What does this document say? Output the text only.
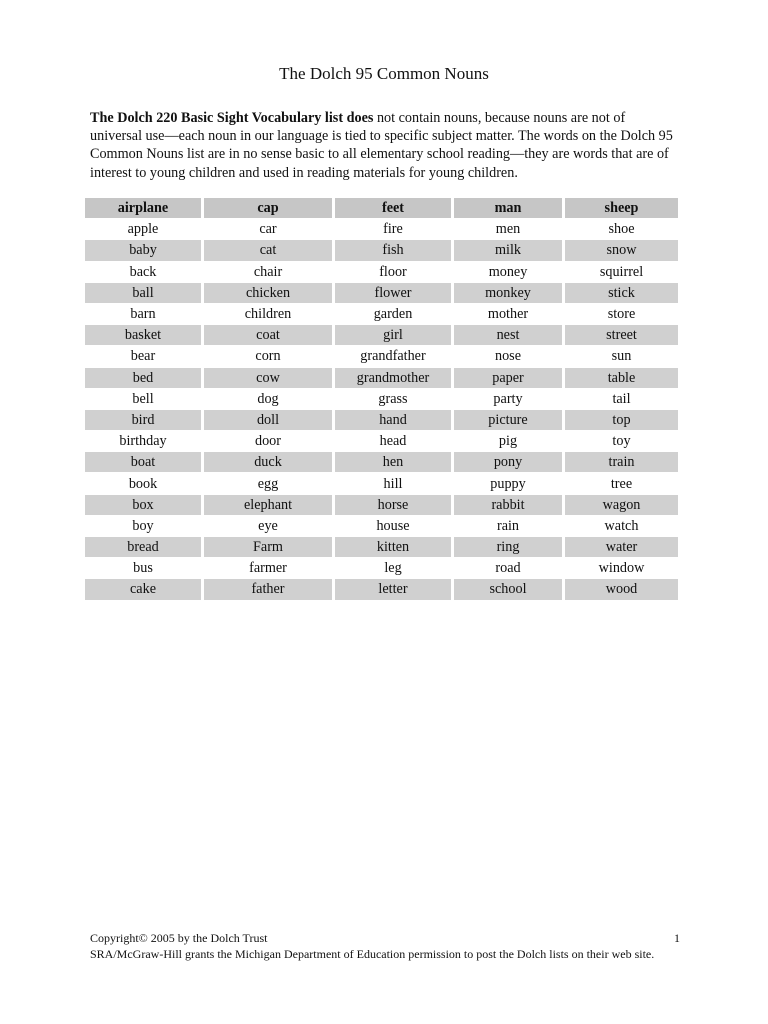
The Dolch 95 Common Nouns
The Dolch 220 Basic Sight Vocabulary list does not contain nouns, because nouns are not of universal use—each noun in our language is tied to specific subject matter. The words on the Dolch 95 Common Nouns list are in no sense basic to all elementary school reading—they are words that are of interest to young children and used in reading materials for young children.
airplane	cap	feet	man	sheep
apple	car	fire	men	shoe
baby	cat	fish	milk	snow
back	chair	floor	money	squirrel
ball	chicken	flower	monkey	stick
barn	children	garden	mother	store
basket	coat	girl	nest	street
bear	corn	grandfather	nose	sun
bed	cow	grandmother	paper	table
bell	dog	grass	party	tail
bird	doll	hand	picture	top
birthday	door	head	pig	toy
boat	duck	hen	pony	train
book	egg	hill	puppy	tree
box	elephant	horse	rabbit	wagon
boy	eye	house	rain	watch
bread	Farm	kitten	ring	water
bus	farmer	leg	road	window
cake	father	letter	school	wood
Copyright© 2005 by the Dolch Trust	1
SRA/McGraw-Hill grants the Michigan Department of Education permission to post the Dolch lists on their web site.
